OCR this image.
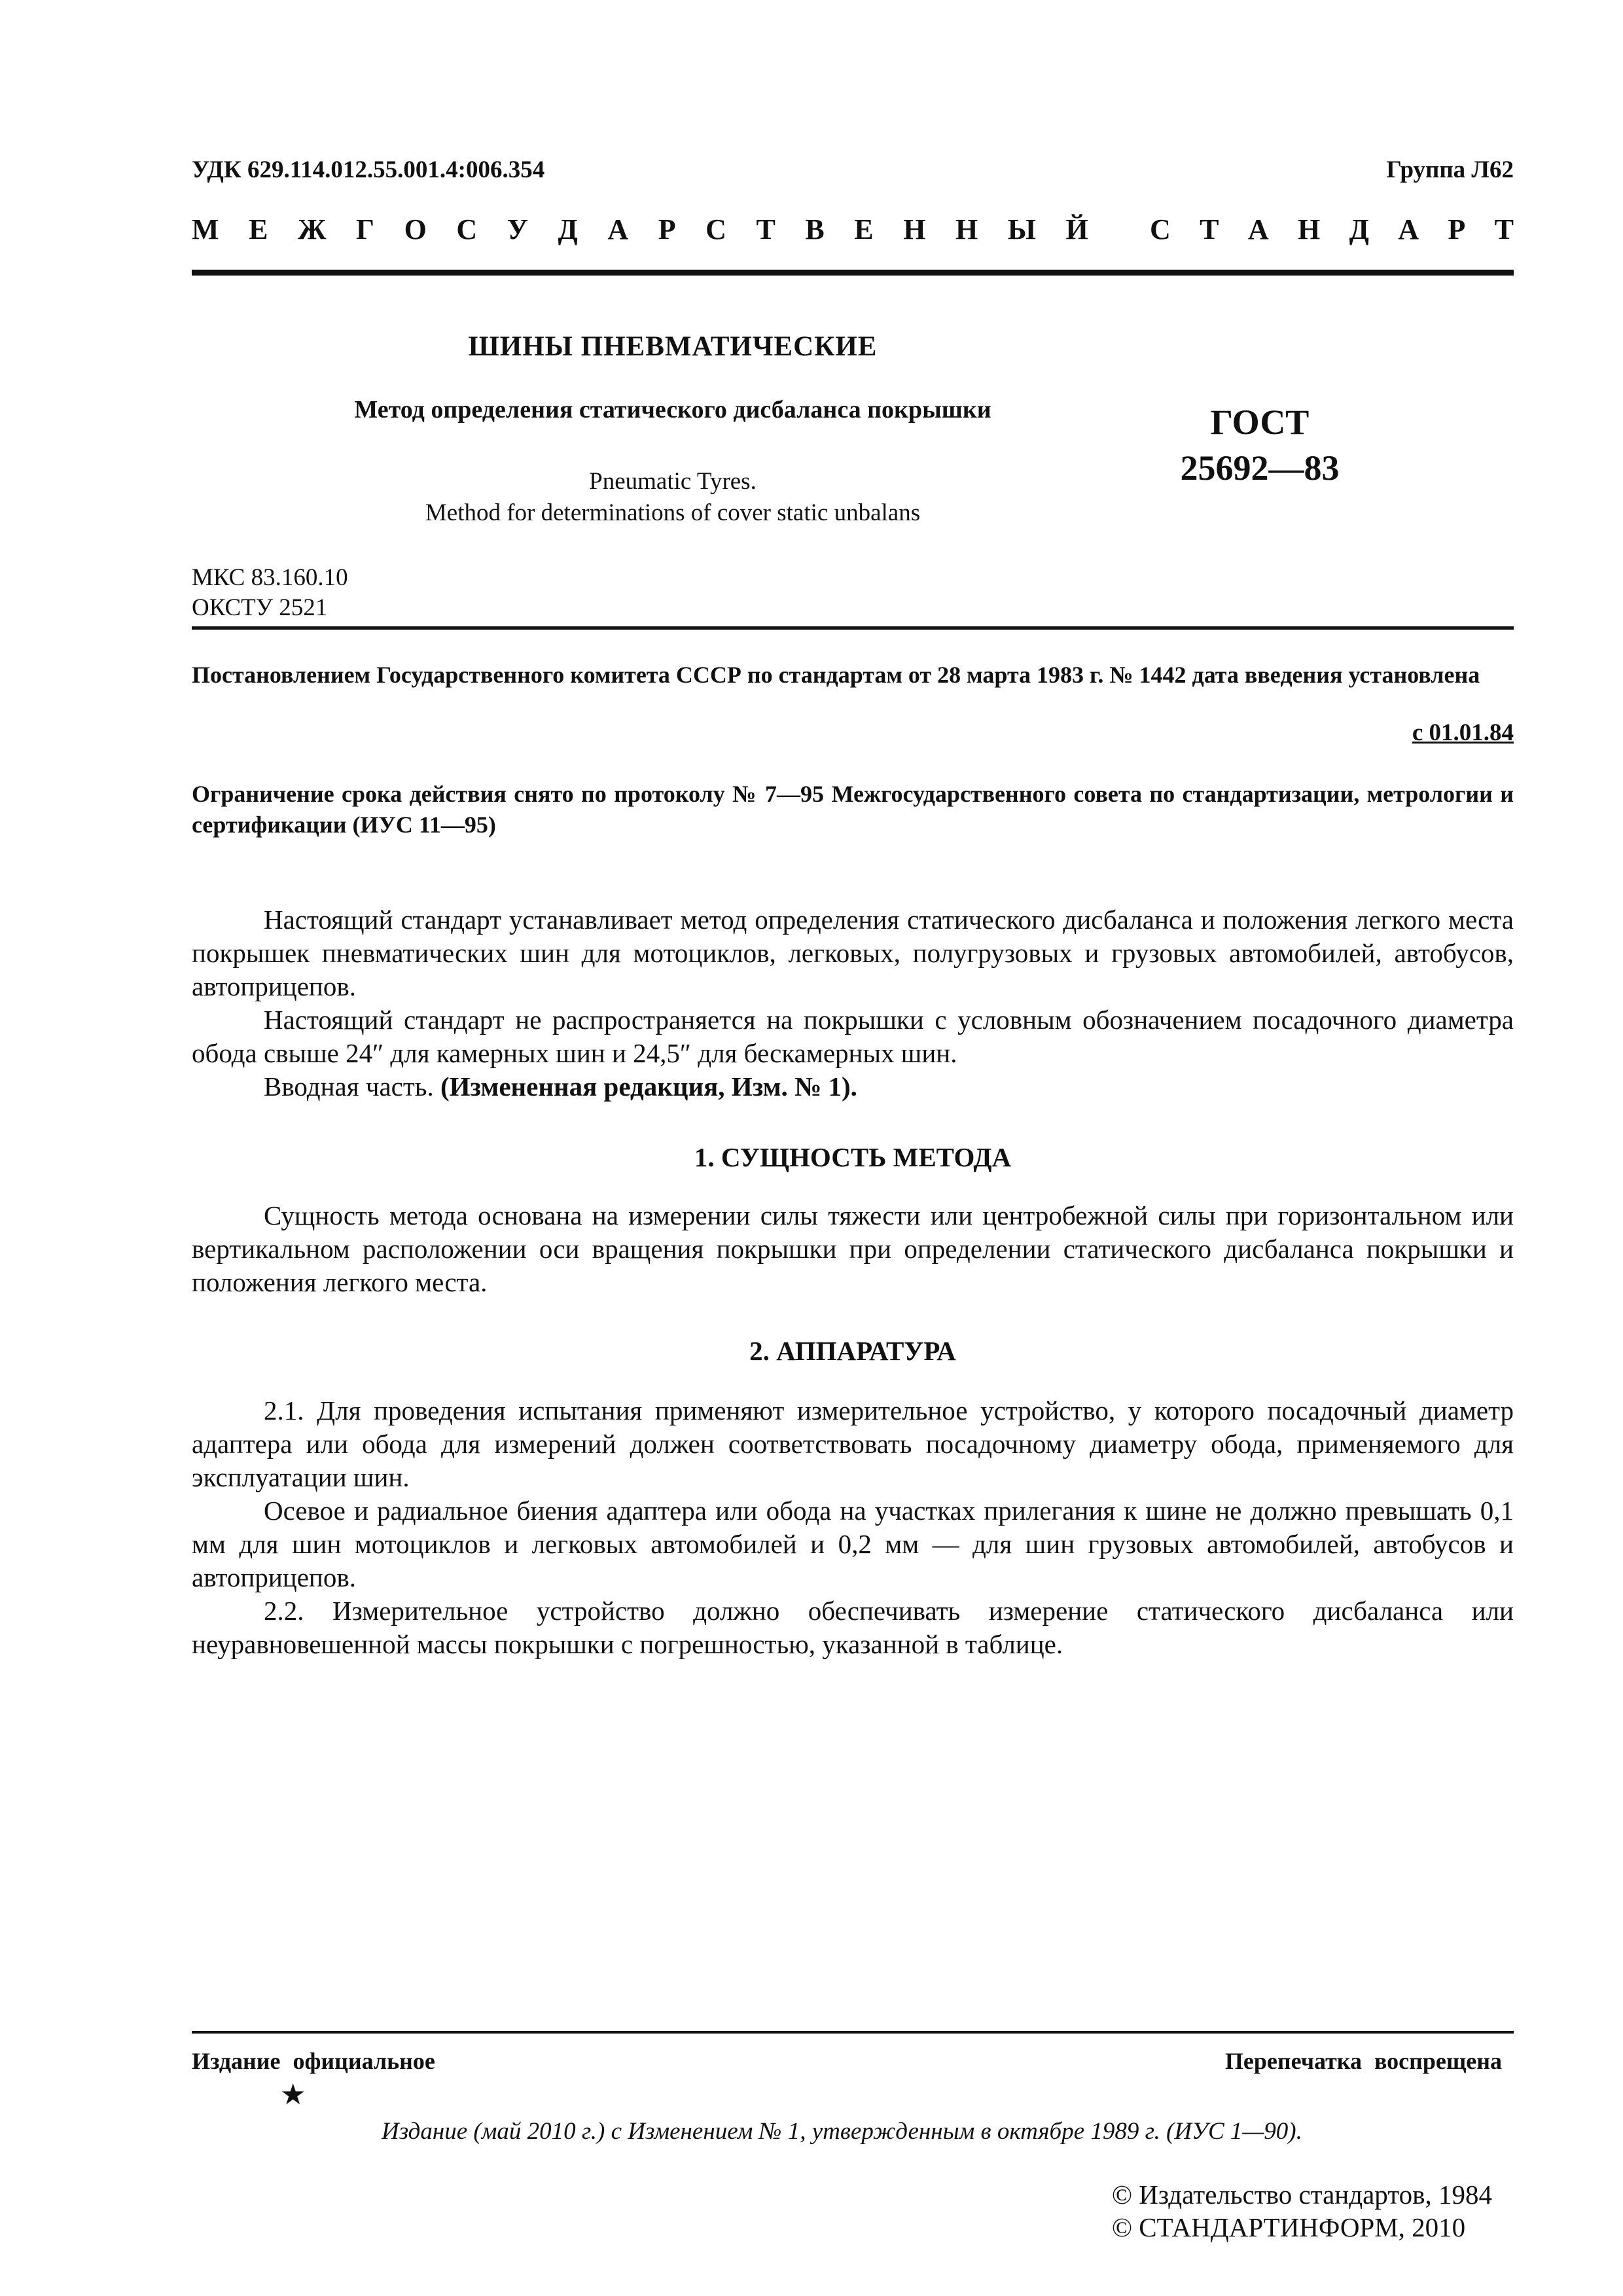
УДК 629.114.012.55.001.4:006.354	Группа Л62
М Е Ж Г О С У Д А Р С Т В Е Н Н Ы Й С Т А Н Д А Р Т
ШИНЫ ПНЕВМАТИЧЕСКИЕ
Метод определения статического дисбаланса покрышки
Pneumatic Tyres.
Method for determinations of cover static unbalans
ГОСТ
25692—83
МКС 83.160.10
ОКСТУ 2521
Постановлением Государственного комитета СССР по стандартам от 28 марта 1983 г. № 1442 дата введения установлена
с 01.01.84
Ограничение срока действия снято по протоколу № 7—95 Межгосударственного совета по стандартизации, метрологии и сертификации (ИУС 11—95)

Настоящий стандарт устанавливает метод определения статического дисбаланса и положения легкого места покрышек пневматических шин для мотоциклов, легковых, полугрузовых и грузовых автомобилей, автобусов, автоприцепов.

Настоящий стандарт не распространяется на покрышки с условным обозначением посадочного диаметра обода свыше 24″ для камерных шин и 24,5″ для бескамерных шин.

Вводная часть. (Измененная редакция, Изм. № 1).

1. СУЩНОСТЬ МЕТОДА

Сущность метода основана на измерении силы тяжести или центробежной силы при горизонтальном или вертикальном расположении оси вращения покрышки при определении статического дисбаланса покрышки и положения легкого места.

2. АППАРАТУРА

2.1. Для проведения испытания применяют измерительное устройство, у которого посадочный диаметр адаптера или обода для измерений должен соответствовать посадочному диаметру обода, применяемого для эксплуатации шин.

Осевое и радиальное биения адаптера или обода на участках прилегания к шине не должно превышать 0,1 мм для шин мотоциклов и легковых автомобилей и 0,2 мм — для шин грузовых автомобилей, автобусов и автоприцепов.

2.2. Измерительное устройство должно обеспечивать измерение статического дисбаланса или неуравновешенной массы покрышки с погрешностью, указанной в таблице.

Издание официальное	Перепечатка воспрещена
★
Издание (май 2010 г.) с Изменением № 1, утвержденным в октябре 1989 г. (ИУС 1—90).
© Издательство стандартов, 1984
© СТАНДАРТИНФОРМ, 2010
